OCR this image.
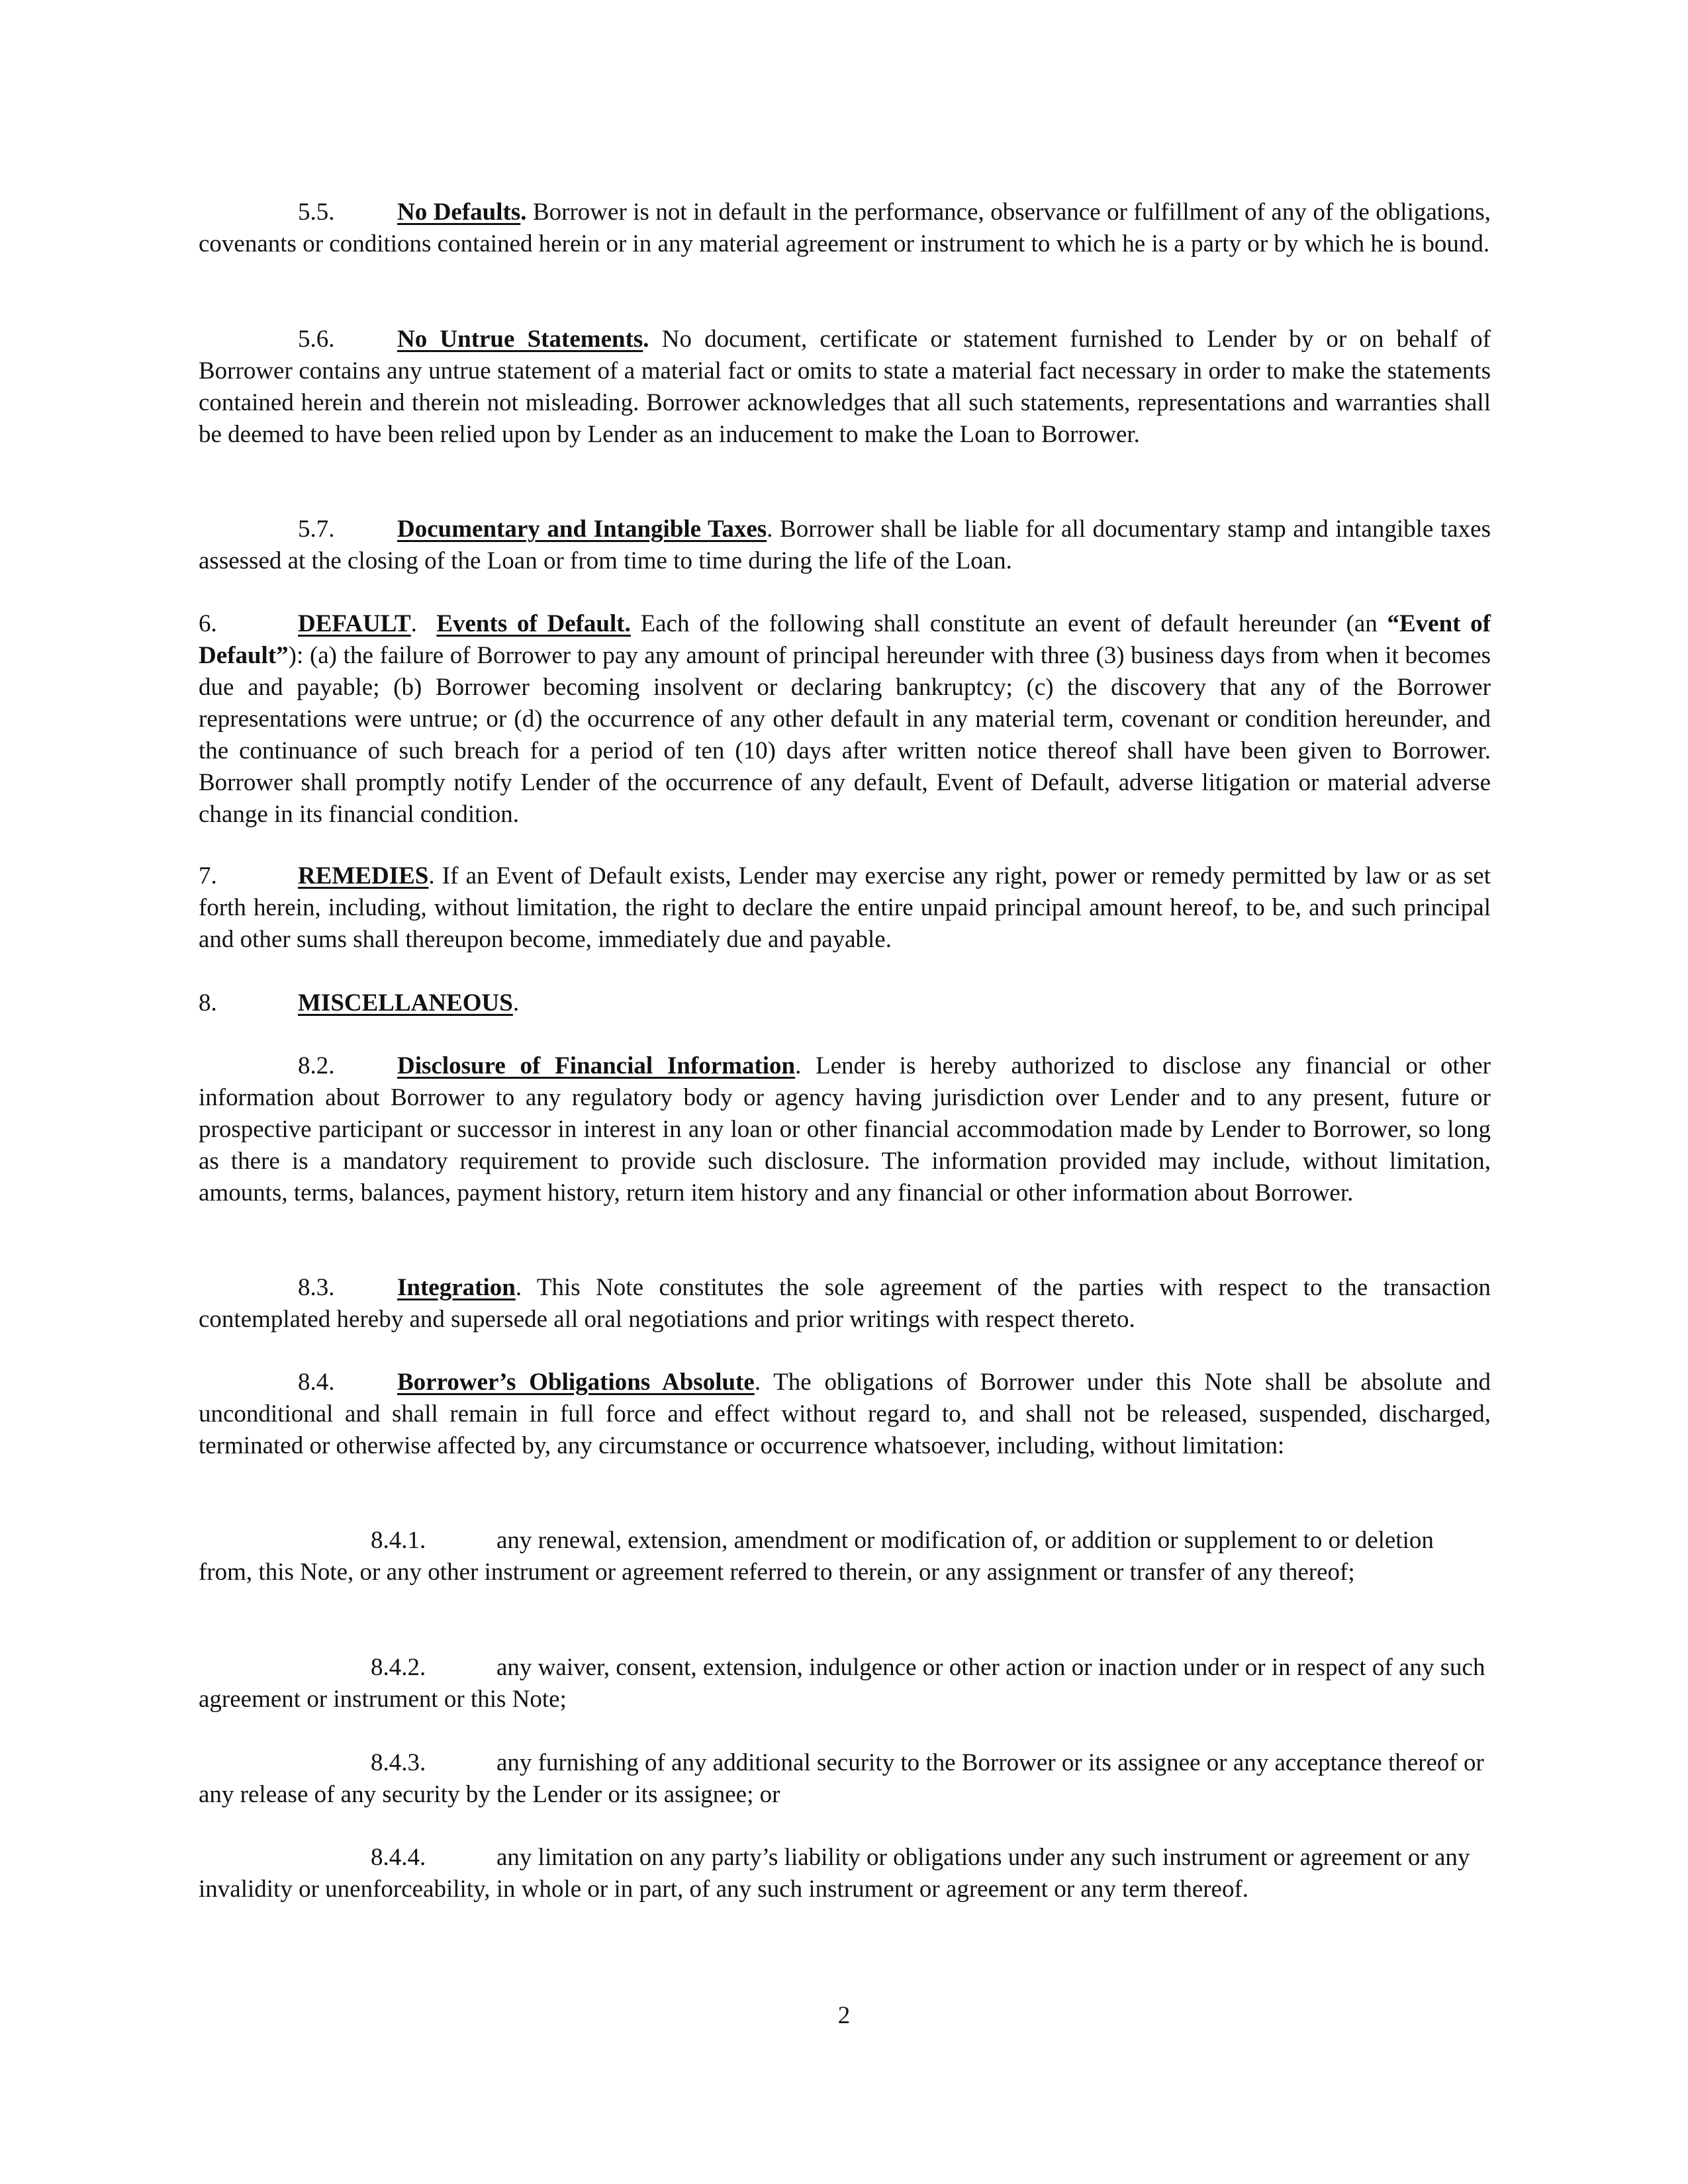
5.5.	No Defaults. Borrower is not in default in the performance, observance or fulfillment of any of the obligations, covenants or conditions contained herein or in any material agreement or instrument to which he is a party or by which he is bound.

5.6.	No Untrue Statements. No document, certificate or statement furnished to Lender by or on behalf of Borrower contains any untrue statement of a material fact or omits to state a material fact necessary in order to make the statements contained herein and therein not misleading. Borrower acknowledges that all such statements, representations and warranties shall be deemed to have been relied upon by Lender as an inducement to make the Loan to Borrower.

5.7.	Documentary and Intangible Taxes. Borrower shall be liable for all documentary stamp and intangible taxes assessed at the closing of the Loan or from time to time during the life of the Loan.

6.	DEFAULT. Events of Default. Each of the following shall constitute an event of default hereunder (an “Event of Default”): (a) the failure of Borrower to pay any amount of principal hereunder with three (3) business days from when it becomes due and payable; (b) Borrower becoming insolvent or declaring bankruptcy; (c) the discovery that any of the Borrower representations were untrue; or (d) the occurrence of any other default in any material term, covenant or condition hereunder, and the continuance of such breach for a period of ten (10) days after written notice thereof shall have been given to Borrower. Borrower shall promptly notify Lender of the occurrence of any default, Event of Default, adverse litigation or material adverse change in its financial condition.

7.	REMEDIES. If an Event of Default exists, Lender may exercise any right, power or remedy permitted by law or as set forth herein, including, without limitation, the right to declare the entire unpaid principal amount hereof, to be, and such principal and other sums shall thereupon become, immediately due and payable.

8.	MISCELLANEOUS.

8.2.	Disclosure of Financial Information. Lender is hereby authorized to disclose any financial or other information about Borrower to any regulatory body or agency having jurisdiction over Lender and to any present, future or prospective participant or successor in interest in any loan or other financial accommodation made by Lender to Borrower, so long as there is a mandatory requirement to provide such disclosure. The information provided may include, without limitation, amounts, terms, balances, payment history, return item history and any financial or other information about Borrower.

8.3.	Integration. This Note constitutes the sole agreement of the parties with respect to the transaction contemplated hereby and supersede all oral negotiations and prior writings with respect thereto.

8.4.	Borrower’s Obligations Absolute. The obligations of Borrower under this Note shall be absolute and unconditional and shall remain in full force and effect without regard to, and shall not be released, suspended, discharged, terminated or otherwise affected by, any circumstance or occurrence whatsoever, including, without limitation:

8.4.1.	any renewal, extension, amendment or modification of, or addition or supplement to or deletion from, this Note, or any other instrument or agreement referred to therein, or any assignment or transfer of any thereof;

8.4.2.	any waiver, consent, extension, indulgence or other action or inaction under or in respect of any such agreement or instrument or this Note;

8.4.3.	any furnishing of any additional security to the Borrower or its assignee or any acceptance thereof or any release of any security by the Lender or its assignee; or

8.4.4.	any limitation on any party’s liability or obligations under any such instrument or agreement or any invalidity or unenforceability, in whole or in part, of any such instrument or agreement or any term thereof.

2
